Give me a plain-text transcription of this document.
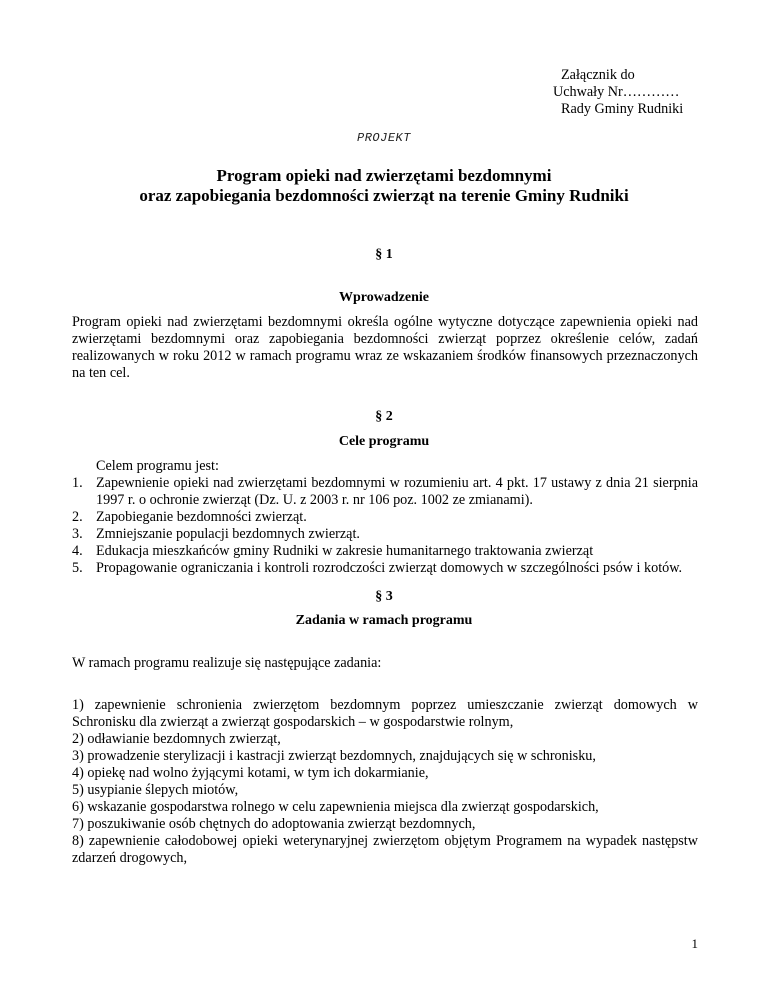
Załącznik do
Uchwały Nr…………
Rady Gminy Rudniki
PROJEKT
Program opieki nad zwierzętami bezdomnymi
oraz zapobiegania bezdomności zwierząt na terenie Gminy Rudniki
§ 1
Wprowadzenie
Program opieki nad zwierzętami bezdomnymi określa ogólne wytyczne dotyczące zapewnienia opieki nad zwierzętami bezdomnymi oraz zapobiegania bezdomności zwierząt poprzez określenie celów, zadań realizowanych w roku 2012 w ramach programu wraz ze wskazaniem środków finansowych przeznaczonych na ten cel.
§ 2
Cele programu
Celem programu jest:
1. Zapewnienie opieki nad zwierzętami bezdomnymi w rozumieniu art. 4 pkt. 17 ustawy z dnia 21 sierpnia 1997 r. o ochronie zwierząt (Dz. U. z 2003 r. nr 106 poz. 1002 ze zmianami).
2. Zapobieganie bezdomności zwierząt.
3. Zmniejszanie populacji bezdomnych zwierząt.
4. Edukacja mieszkańców gminy Rudniki w zakresie humanitarnego traktowania zwierząt
5. Propagowanie ograniczania i kontroli rozrodczości zwierząt domowych w szczególności psów i kotów.
§ 3
Zadania w ramach programu
W ramach programu realizuje się następujące zadania:
1) zapewnienie schronienia zwierzętom bezdomnym poprzez umieszczanie zwierząt domowych w Schronisku dla zwierząt a zwierząt gospodarskich – w gospodarstwie rolnym,
2) odławianie bezdomnych zwierząt,
3) prowadzenie sterylizacji i kastracji zwierząt bezdomnych, znajdujących się w schronisku,
4) opiekę nad wolno żyjącymi kotami, w tym ich dokarmianie,
5) usypianie ślepych miotów,
6) wskazanie gospodarstwa rolnego w celu zapewnienia miejsca dla zwierząt gospodarskich,
7) poszukiwanie osób chętnych do adoptowania zwierząt bezdomnych,
8) zapewnienie całodobowej opieki weterynaryjnej zwierzętom objętym Programem na wypadek następstw zdarzeń drogowych,
1
